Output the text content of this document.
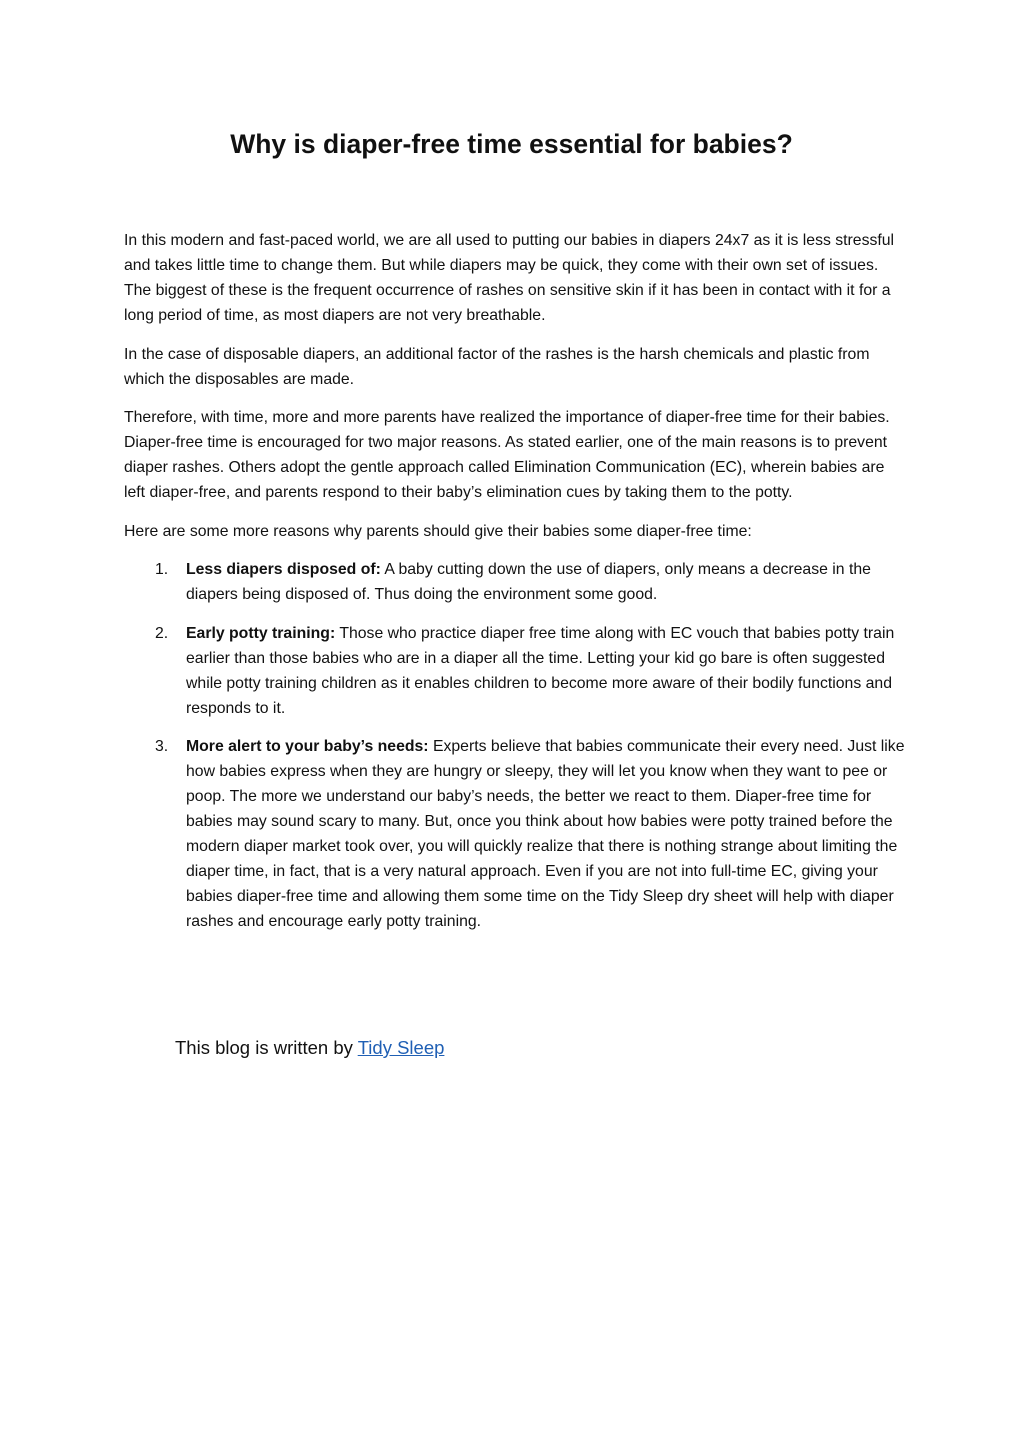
Why is diaper-free time essential for babies?

In this modern and fast-paced world, we are all used to putting our babies in diapers 24x7 as it is less stressful and takes little time to change them. But while diapers may be quick, they come with their own set of issues. The biggest of these is the frequent occurrence of rashes on sensitive skin if it has been in contact with it for a long period of time, as most diapers are not very breathable.

In the case of disposable diapers, an additional factor of the rashes is the harsh chemicals and plastic from which the disposables are made.

Therefore, with time, more and more parents have realized the importance of diaper-free time for their babies. Diaper-free time is encouraged for two major reasons. As stated earlier, one of the main reasons is to prevent diaper rashes. Others adopt the gentle approach called Elimination Communication (EC), wherein babies are left diaper-free, and parents respond to their baby’s elimination cues by taking them to the potty.

Here are some more reasons why parents should give their babies some diaper-free time:

1. Less diapers disposed of: A baby cutting down the use of diapers, only means a decrease in the diapers being disposed of. Thus doing the environment some good.
2. Early potty training: Those who practice diaper free time along with EC vouch that babies potty train earlier than those babies who are in a diaper all the time. Letting your kid go bare is often suggested while potty training children as it enables children to become more aware of their bodily functions and responds to it.
3. More alert to your baby’s needs: Experts believe that babies communicate their every need. Just like how babies express when they are hungry or sleepy, they will let you know when they want to pee or poop. The more we understand our baby’s needs, the better we react to them. Diaper-free time for babies may sound scary to many. But, once you think about how babies were potty trained before the modern diaper market took over, you will quickly realize that there is nothing strange about limiting the diaper time, in fact, that is a very natural approach. Even if you are not into full-time EC, giving your babies diaper-free time and allowing them some time on the Tidy Sleep dry sheet will help with diaper rashes and encourage early potty training.
This blog is written by Tidy Sleep
